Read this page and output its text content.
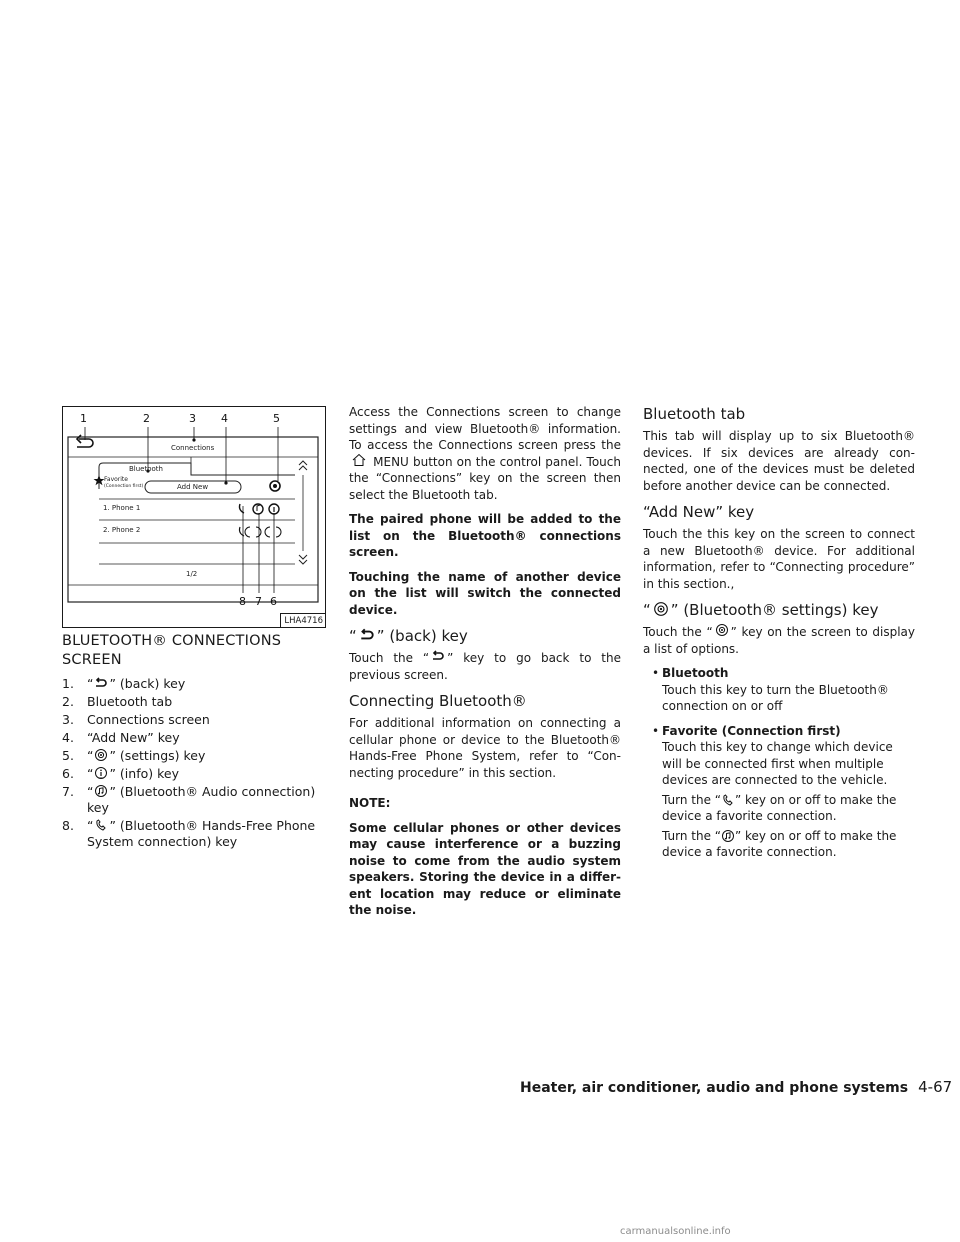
1	2	3 4	5
8 7 6
Connections
Bluetooth
Favorite
(Connection first)	Add New
1. Phone 1
2. Phone 2
1/2
LHA4716
BLUETOOTH® CONNECTIONS SCREEN
1. “ ” (back) key
2. Bluetooth tab
3. Connections screen
4. “Add New” key
5. “ ” (settings) key
6. “ ” (info) key
7. “ ” (Bluetooth® Audio connection) key
8. “ ” (Bluetooth® Hands-Free Phone System connection) key

Access the Connections screen to change settings and view Bluetooth® information. To access the Connections screen press the
MENU button on the control panel. Touch the “Connections” key on the screen then select the Bluetooth tab.

The paired phone will be added to the list on the Bluetooth® connections screen.

Touching the name of another device on the list will switch the connected device.

“ ” (back) key

Touch the “ ” key to go back to the previous screen.

Connecting Bluetooth®

For additional information on connecting a cellular phone or device to the Bluetooth® Hands-Free Phone System, refer to “Connecting procedure” in this section.

NOTE:

Some cellular phones or other devices may cause interference or a buzzing noise to come from the audio system speakers. Storing the device in a different location may reduce or eliminate the noise.

Bluetooth tab

This tab will display up to six Bluetooth® devices. If six devices are already connected, one of the devices must be deleted before another device can be connected.

“Add New” key

Touch the this key on the screen to connect a new Bluetooth® device. For additional information, refer to “Connecting procedure” in this section.,

“ ” (Bluetooth® settings) key

Touch the “ ” key on the screen to display a list of options.

• Bluetooth
Touch this key to turn the Bluetooth® connection on or off
• Favorite (Connection first)
Touch this key to change which device will be connected first when multiple devices are connected to the vehicle.
Turn the “ ” key on or off to make the device a favorite connection.
Turn the “ ” key on or off to make the device a favorite connection.
Heater, air conditioner, audio and phone systems 4-67
carmanualsonline.info
